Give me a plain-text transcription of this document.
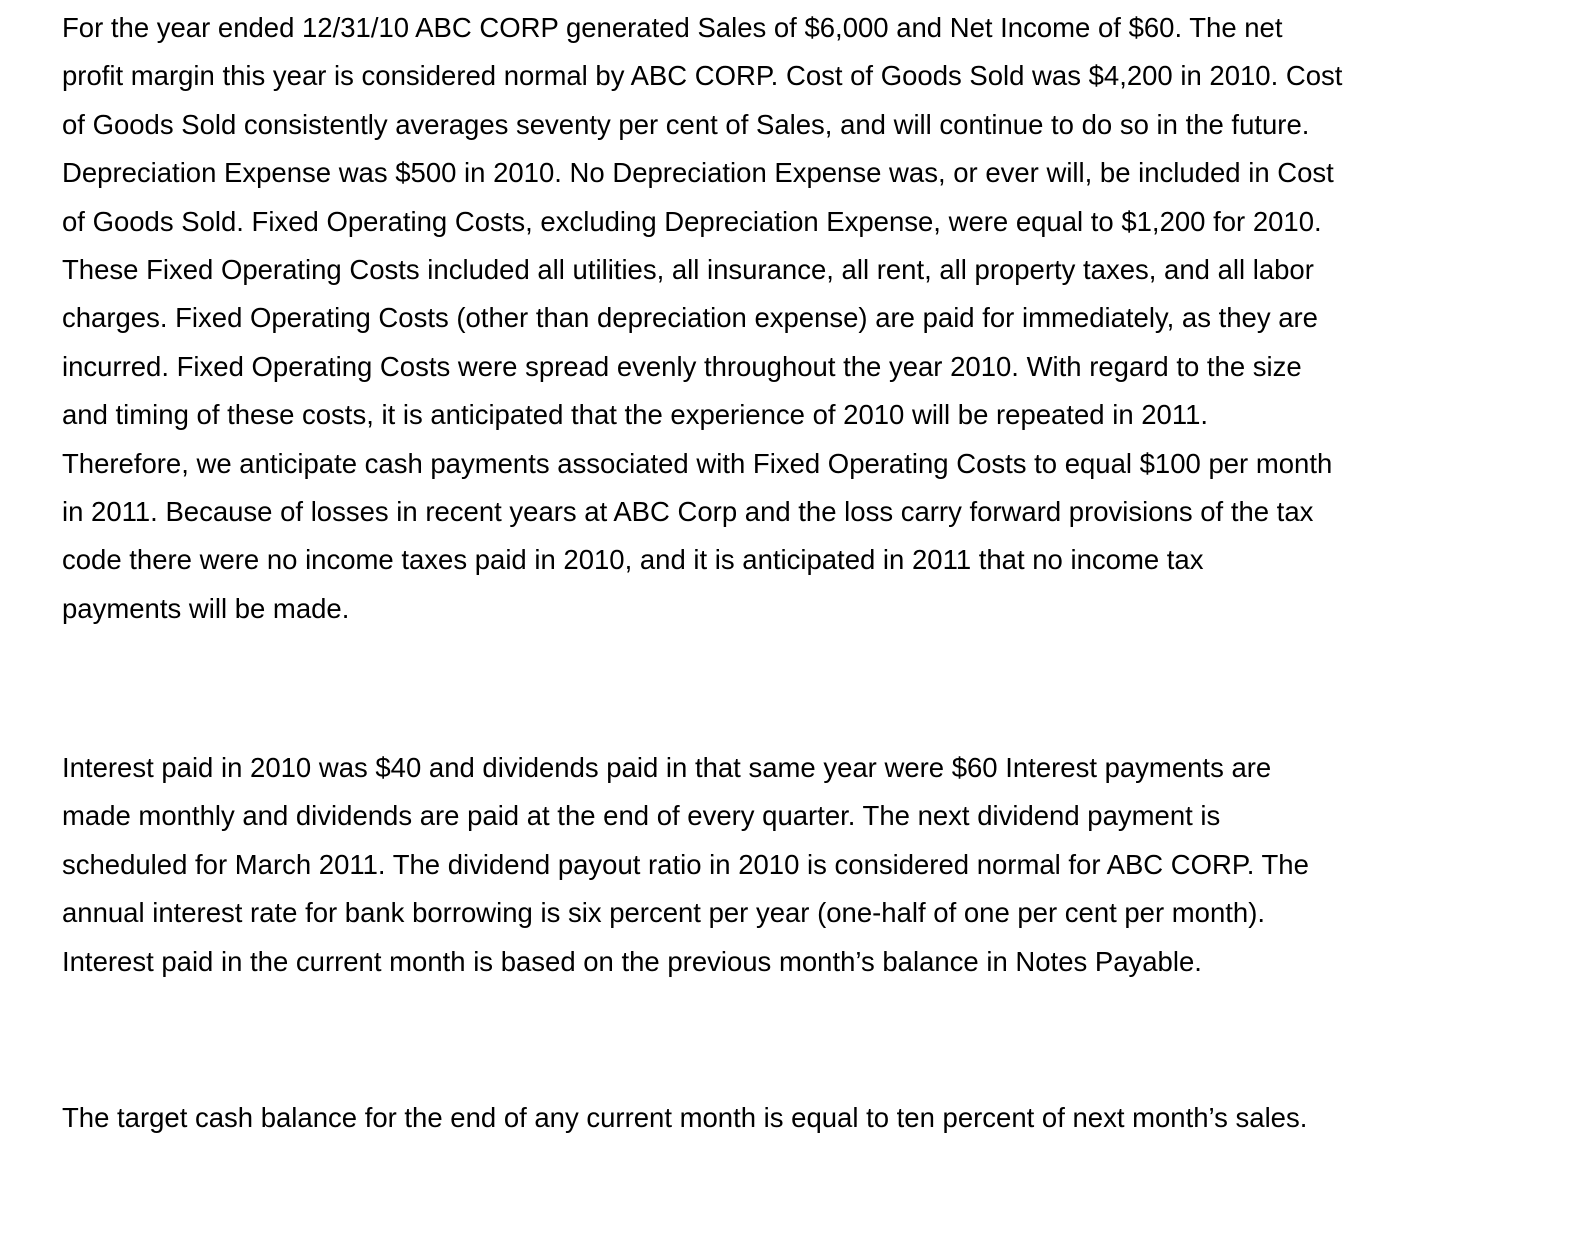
For the year ended 12/31/10 ABC CORP generated Sales of $6,000 and Net Income of $60. The net
profit margin this year is considered normal by ABC CORP. Cost of Goods Sold was $4,200 in 2010. Cost
of Goods Sold consistently averages seventy per cent of Sales, and will continue to do so in the future.
Depreciation Expense was $500 in 2010. No Depreciation Expense was, or ever will, be included in Cost
of Goods Sold. Fixed Operating Costs, excluding Depreciation Expense, were equal to $1,200 for 2010.
These Fixed Operating Costs included all utilities, all insurance, all rent, all property taxes, and all labor
charges. Fixed Operating Costs (other than depreciation expense) are paid for immediately, as they are
incurred. Fixed Operating Costs were spread evenly throughout the year 2010. With regard to the size
and timing of these costs, it is anticipated that the experience of 2010 will be repeated in 2011.
Therefore, we anticipate cash payments associated with Fixed Operating Costs to equal $100 per month
in 2011. Because of losses in recent years at ABC Corp and the loss carry forward provisions of the tax
code there were no income taxes paid in 2010, and it is anticipated in 2011 that no income tax
payments will be made.

Interest paid in 2010 was $40 and dividends paid in that same year were $60 Interest payments are
made monthly and dividends are paid at the end of every quarter. The next dividend payment is
scheduled for March 2011. The dividend payout ratio in 2010 is considered normal for ABC CORP. The
annual interest rate for bank borrowing is six percent per year (one-half of one per cent per month).
Interest paid in the current month is based on the previous month’s balance in Notes Payable.

The target cash balance for the end of any current month is equal to ten percent of next month’s sales.
